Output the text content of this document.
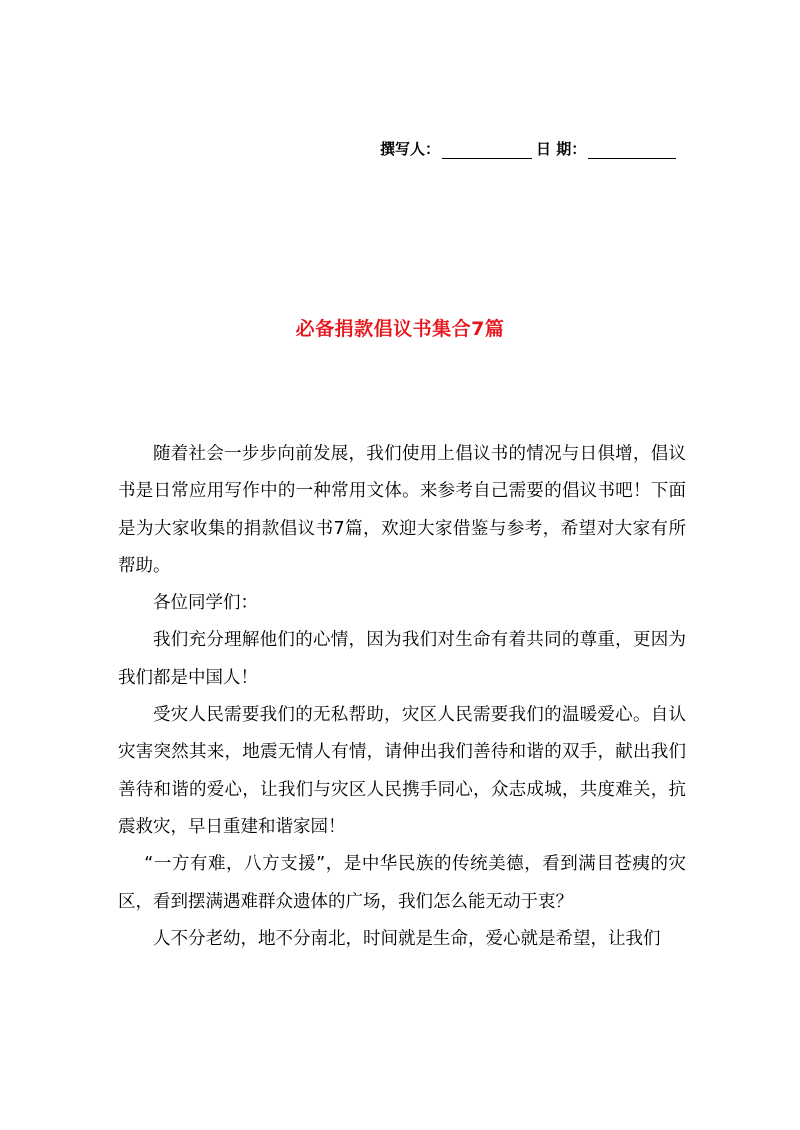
撰写人：	日 期：
必备捐款倡议书集合7篇

随着社会一步步向前发展，我们使用上倡议书的情况与日俱增，倡议书是日常应用写作中的一种常用文体。来参考自己需要的倡议书吧！下面是为大家收集的捐款倡议书7篇，欢迎大家借鉴与参考，希望对大家有所帮助。

各位同学们：

我们充分理解他们的心情，因为我们对生命有着共同的尊重，更因为我们都是中国人！

受灾人民需要我们的无私帮助，灾区人民需要我们的温暖爱心。自认灾害突然其来，地震无情人有情，请伸出我们善待和谐的双手，献出我们善待和谐的爱心，让我们与灾区人民携手同心，众志成城，共度难关，抗震救灾，早日重建和谐家园！

“一方有难，八方支援”，是中华民族的传统美德，看到满目苍痍的灾区，看到摆满遇难群众遗体的广场，我们怎么能无动于衷？

人不分老幼，地不分南北，时间就是生命，爱心就是希望，让我们
